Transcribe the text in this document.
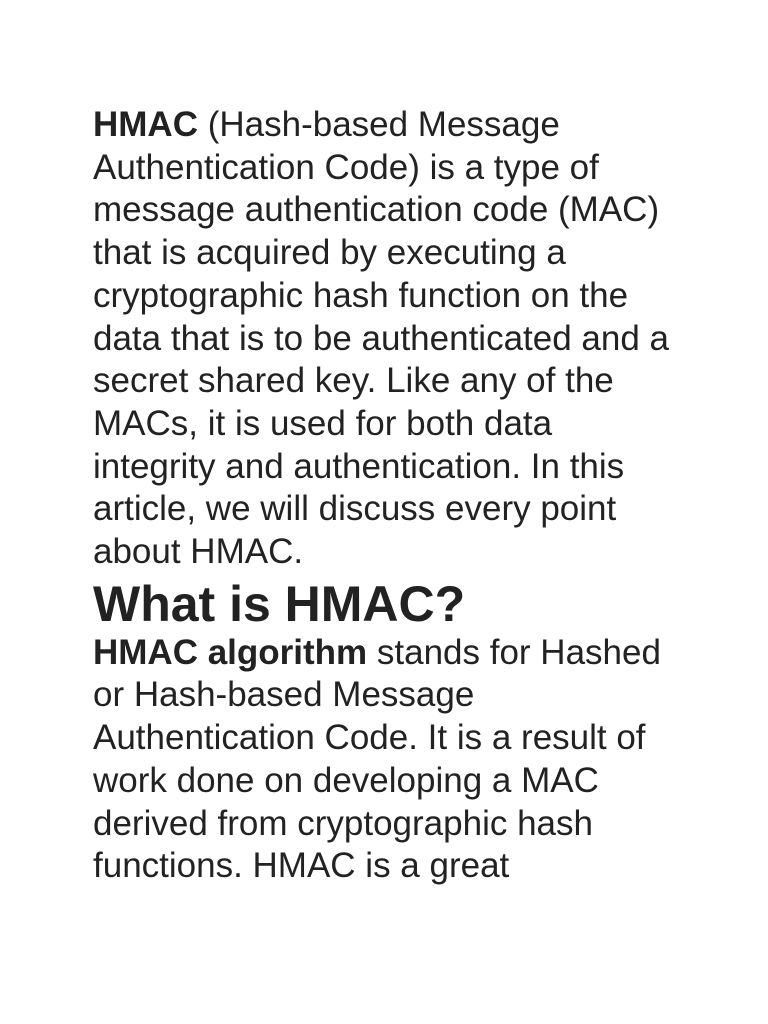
HMAC (Hash-based Message Authentication Code) is a type of message authentication code (MAC) that is acquired by executing a cryptographic hash function on the data that is to be authenticated and a secret shared key. Like any of the MACs, it is used for both data integrity and authentication. In this article, we will discuss every point about HMAC.

What is HMAC?

HMAC algorithm stands for Hashed or Hash-based Message Authentication Code. It is a result of work done on developing a MAC derived from cryptographic hash functions. HMAC is a great
